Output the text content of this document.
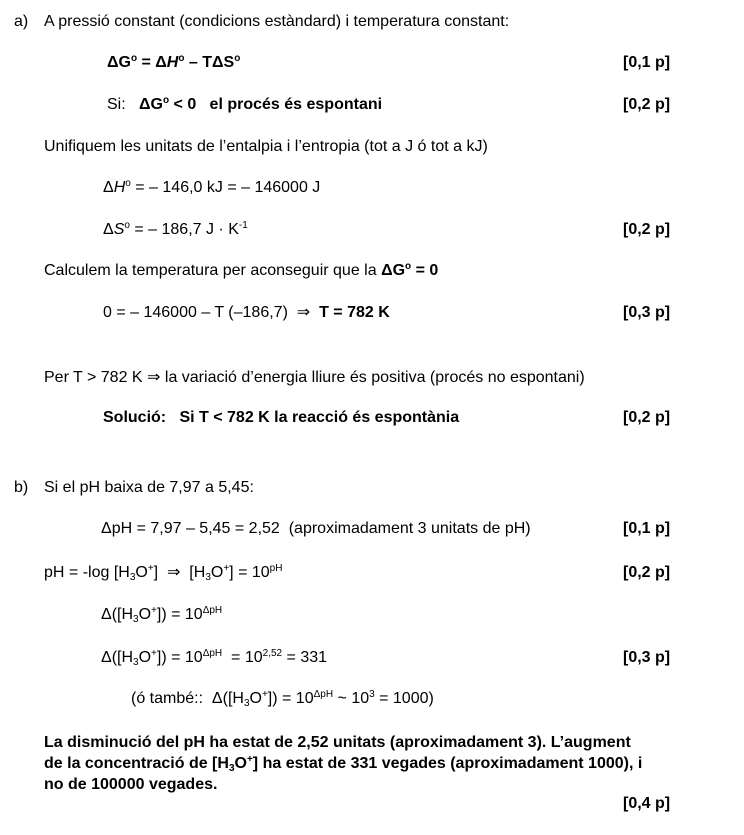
a) A pressió constant (condicions estàndard) i temperatura constant:
$\Delta G^o = \Delta H^o - T\Delta S^o$	[0,1 p]
Si: $\Delta G^o < 0$   el procés és espontani	[0,2 p]
Unifiquem les unitats de l’entalpia i l’entropia (tot a J ó tot a kJ)
$\Delta H^o$ = – 146,0 kJ = – 146000 J
$\Delta S^o$ = – 186,7 $J \cdot K^{-1}$	[0,2 p]
Calculem la temperatura per aconseguir que la $\Delta G^o = 0$
0 = – 146000 – T (–186,7)  ⇒  T = 782 K	[0,3 p]
Per T > 782 K ⇒ la variació d’energia lliure és positiva (procés no espontani)
Solució:   Si T < 782 K la reacció és espontània	[0,2 p]
b) Si el pH baixa de 7,97 a 5,45:
ΔpH = 7,97 – 5,45 = 2,52  (aproximadament 3 unitats de pH)	[0,1 p]
pH = -log $[H_3O^+]$  ⇒  $[H_3O^+] = 10^{pH}$	[0,2 p]
$\Delta([H_3O^+]) = 10^{\Delta pH}$
$\Delta([H_3O^+]) = 10^{\Delta pH} = 10^{2,52} = 331$	[0,3 p]
(ó també::  $\Delta([H_3O^+]) = 10^{\Delta pH}$ ~ $10^3 = 1000$)
La disminució del pH ha estat de 2,52 unitats (aproximadament 3). L’augment
de la concentració de $[H_3O^+]$ ha estat de 331 vegades (aproximadament 1000), i
no de 100000 vegades.
[0,4 p]
